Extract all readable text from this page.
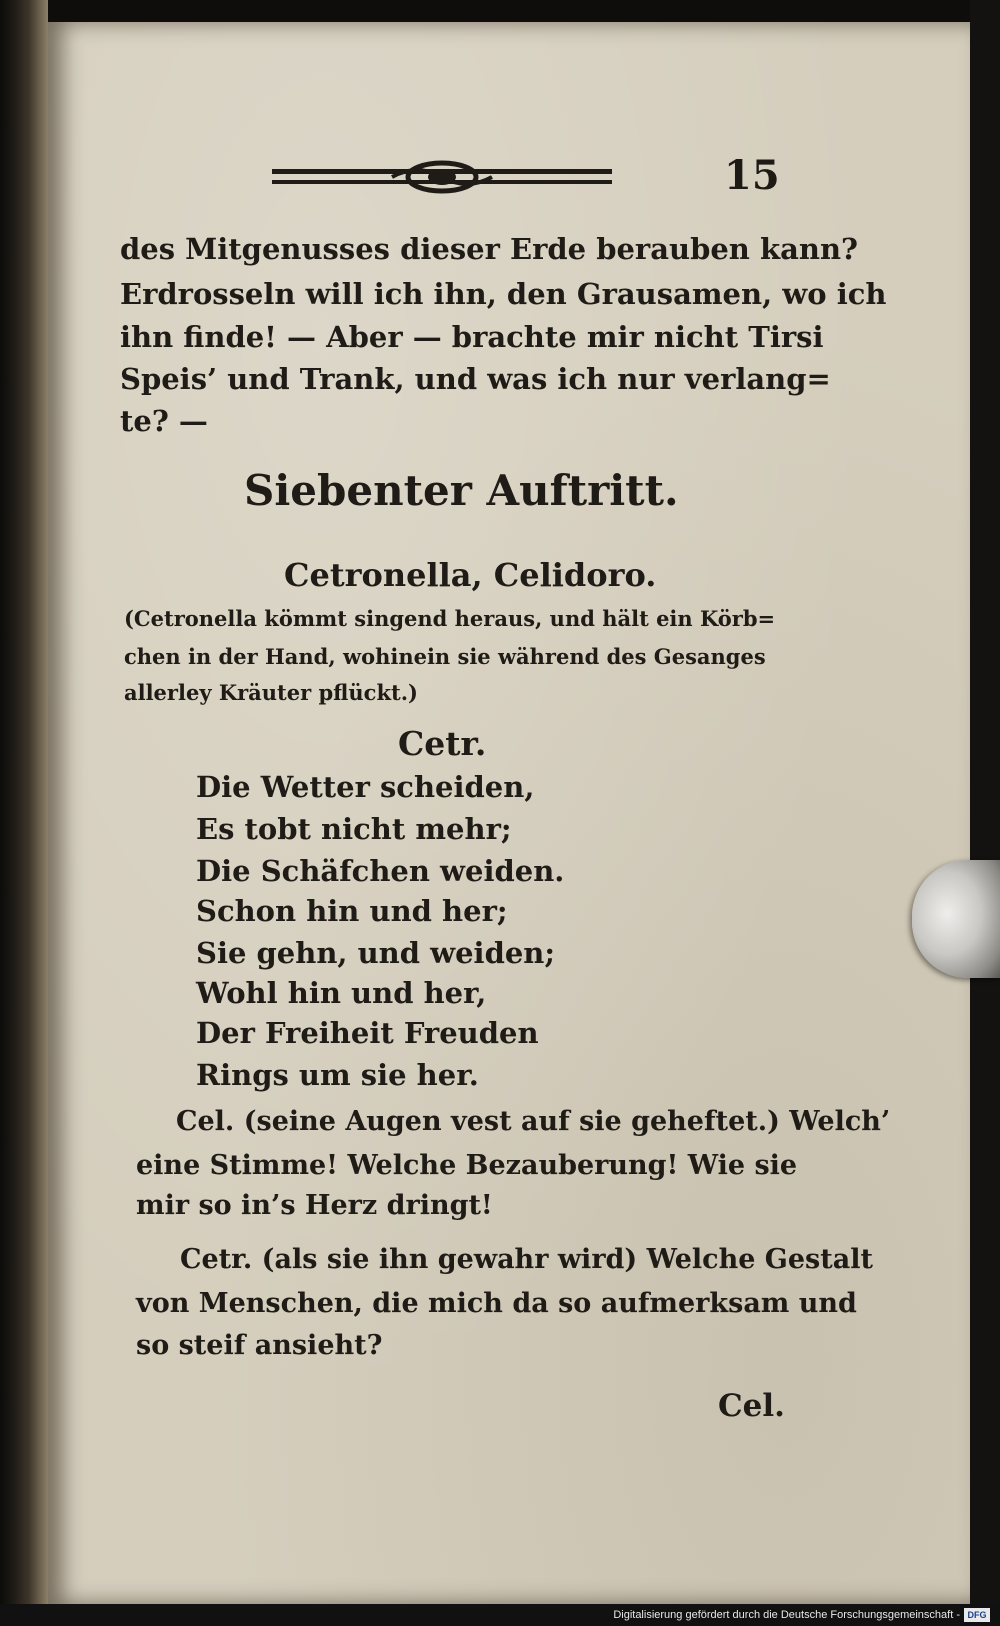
15
des Mitgenusses dieser Erde berauben kann?
Erdrosseln will ich ihn, den Grausamen, wo ich
ihn finde! — Aber — brachte mir nicht Tirsi
Speis’ und Trank, und was ich nur verlang=
te? —
Siebenter Auftritt.
Cetronella, Celidoro.
(Cetronella kömmt singend heraus, und hält ein Körb=
chen in der Hand, wohinein sie während des Gesanges
allerley Kräuter pflückt.)
Cetr.
Die Wetter scheiden,
Es tobt nicht mehr;
Die Schäfchen weiden.
Schon hin und her;
Sie gehn, und weiden;
Wohl hin und her,
Der Freiheit Freuden
Rings um sie her.
Cel. (seine Augen vest auf sie geheftet.) Welch’
eine Stimme! Welche Bezauberung! Wie sie
mir so in’s Herz dringt!
Cetr. (als sie ihn gewahr wird) Welche Gestalt
von Menschen, die mich da so aufmerksam und
so steif ansieht?
Cel.
Digitalisierung gefördert durch die Deutsche Forschungsgemeinschaft - DFG
